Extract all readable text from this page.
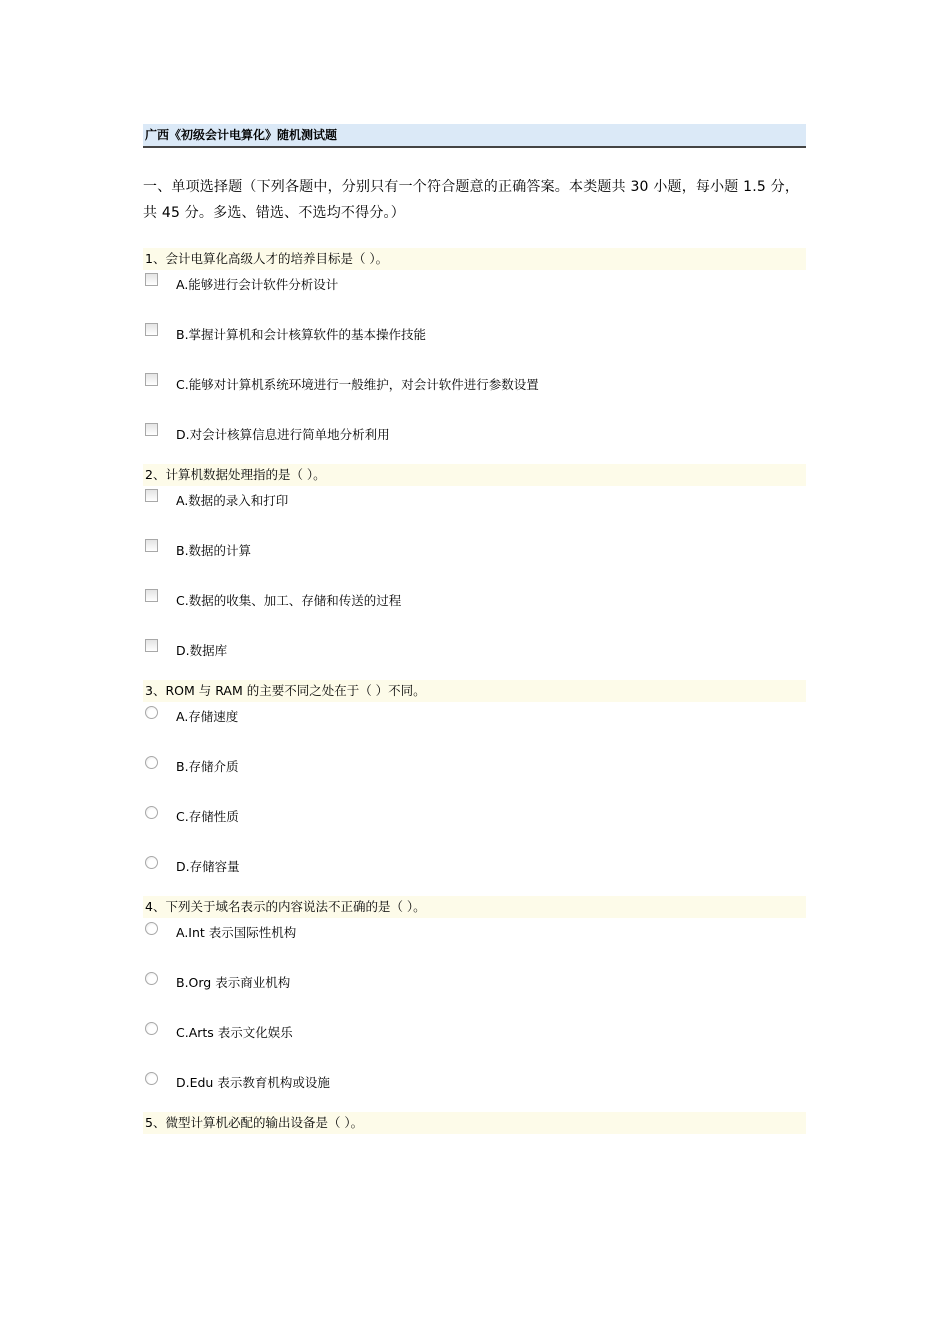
广西《初级会计电算化》随机测试题
一、单项选择题（下列各题中，分别只有一个符合题意的正确答案。本类题共 30 小题，每小题 1.5 分，共 45 分。多选、错选、不选均不得分。）
1、会计电算化高级人才的培养目标是（ ）。
A.能够进行会计软件分析设计
B.掌握计算机和会计核算软件的基本操作技能
C.能够对计算机系统环境进行一般维护，对会计软件进行参数设置
D.对会计核算信息进行简单地分析利用
2、计算机数据处理指的是（ ）。
A.数据的录入和打印
B.数据的计算
C.数据的收集、加工、存储和传送的过程
D.数据库
3、ROM 与 RAM 的主要不同之处在于（ ）不同。
A.存储速度
B.存储介质
C.存储性质
D.存储容量
4、下列关于域名表示的内容说法不正确的是（ ）。
A.Int 表示国际性机构
B.Org 表示商业机构
C.Arts 表示文化娱乐
D.Edu 表示教育机构或设施
5、微型计算机必配的输出设备是（ ）。
